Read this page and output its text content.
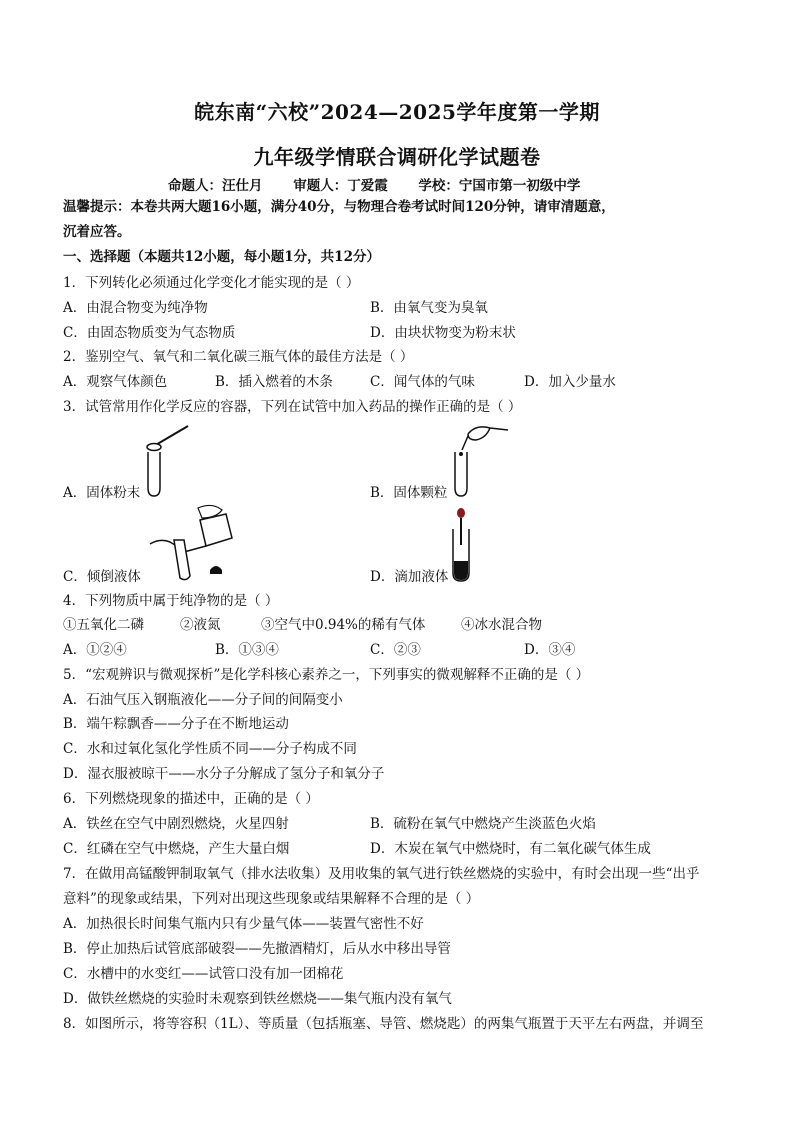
皖东南“六校”2024—2025学年度第一学期
九年级学情联合调研化学试题卷
命题人：汪仕月 审题人：丁爱霞 学校：宁国市第一初级中学
温馨提示：本卷共两大题16小题，满分40分，与物理合卷考试时间120分钟，请审清题意，
沉着应答。
一、选择题（本题共12小题，每小题1分，共12分）
1．下列转化必须通过化学变化才能实现的是（ ）
A．由混合物变为纯净物	B．由氧气变为臭氧
C．由固态物质变为气态物质	D．由块状物变为粉末状
2．鉴别空气、氧气和二氧化碳三瓶气体的最佳方法是（ ）
A．观察气体颜色	B．插入燃着的木条	C．闻气体的气味	D．加入少量水
3．试管常用作化学反应的容器，下列在试管中加入药品的操作正确的是（ ）
A．固体粉末	B．固体颗粒
C．倾倒液体	D．滴加液体
4．下列物质中属于纯净物的是（ ）
①五氧化二磷	②液氮	③空气中0.94%的稀有气体	④冰水混合物
A．①②④	B．①③④	C．②③	D．③④
5．“宏观辨识与微观探析”是化学科核心素养之一，下列事实的微观解释不正确的是（ ）
A．石油气压入钢瓶液化——分子间的间隔变小
B．端午粽飘香——分子在不断地运动
C．水和过氧化氢化学性质不同——分子构成不同
D．湿衣服被晾干——水分子分解成了氢分子和氧分子
6．下列燃烧现象的描述中，正确的是（ ）
A．铁丝在空气中剧烈燃烧，火星四射	B．硫粉在氧气中燃烧产生淡蓝色火焰
C．红磷在空气中燃烧，产生大量白烟	D．木炭在氧气中燃烧时，有二氧化碳气体生成
7．在做用高锰酸钾制取氧气（排水法收集）及用收集的氧气进行铁丝燃烧的实验中，有时会出现一些“出乎
意料”的现象或结果，下列对出现这些现象或结果解释不合理的是（ ）
A．加热很长时间集气瓶内只有少量气体——装置气密性不好
B．停止加热后试管底部破裂——先撤酒精灯，后从水中移出导管
C．水槽中的水变红——试管口没有加一团棉花
D．做铁丝燃烧的实验时未观察到铁丝燃烧——集气瓶内没有氧气
8．如图所示，将等容积（1L）、等质量（包括瓶塞、导管、燃烧匙）的两集气瓶置于天平左右两盘，并调至
